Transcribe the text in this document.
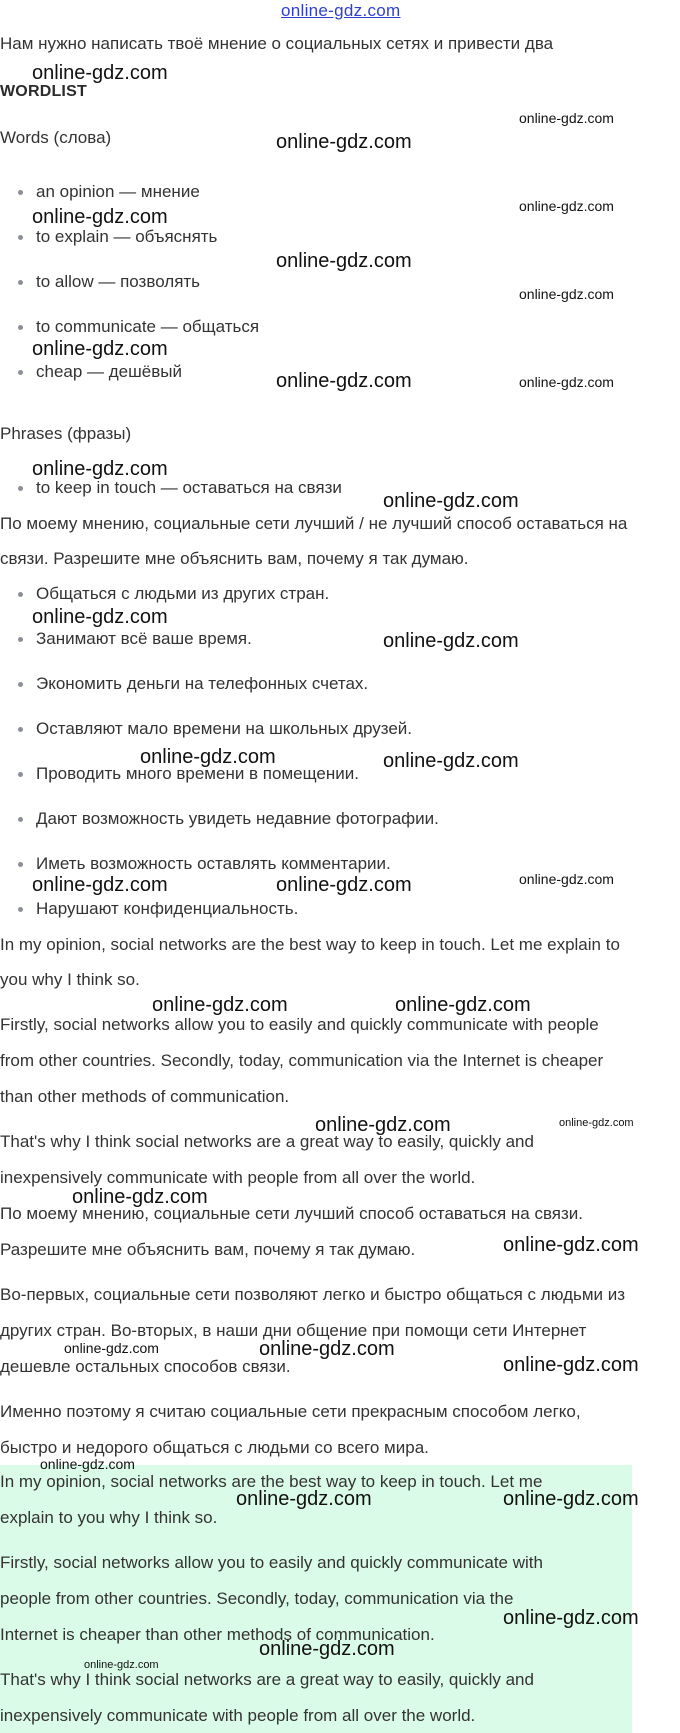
online-gdz.com
Нам нужно написать твоё мнение о социальных сетях и привести два
WORDLIST
Words (слова)
an opinion — мнение
to explain — объяснять
to allow — позволять
to communicate — общаться
cheap — дешёвый
Phrases (фразы)
to keep in touch — оставаться на связи
По моему мнению, социальные сети лучший / не лучший способ оставаться на
связи. Разрешите мне объяснить вам, почему я так думаю.
Общаться с людьми из других стран.
Занимают всё ваше время.
Экономить деньги на телефонных счетах.
Оставляют мало времени на школьных друзей.
Проводить много времени в помещении.
Дают возможность увидеть недавние фотографии.
Иметь возможность оставлять комментарии.
Нарушают конфиденциальность.
In my opinion, social networks are the best way to keep in touch. Let me explain to
you why I think so.
Firstly, social networks allow you to easily and quickly communicate with people
from other countries. Secondly, today, communication via the Internet is cheaper
than other methods of communication.
That's why I think social networks are a great way to easily, quickly and
inexpensively communicate with people from all over the world.
По моему мнению, социальные сети лучший способ оставаться на связи.
Разрешите мне объяснить вам, почему я так думаю.
Во-первых, социальные сети позволяют легко и быстро общаться с людьми из
других стран. Во-вторых, в наши дни общение при помощи сети Интернет
дешевле остальных способов связи.
Именно поэтому я считаю социальные сети прекрасным способом легко,
быстро и недорого общаться с людьми со всего мира.
In my opinion, social networks are the best way to keep in touch. Let me
explain to you why I think so.
Firstly, social networks allow you to easily and quickly communicate with
people from other countries. Secondly, today, communication via the
Internet is cheaper than other methods of communication.
That's why I think social networks are a great way to easily, quickly and
inexpensively communicate with people from all over the world.
online-gdz.com
online-gdz.com
online-gdz.com
online-gdz.com	online-gdz.com
online-gdz.com
online-gdz.com
online-gdz.com
online-gdz.com	online-gdz.com
online-gdz.com
online-gdz.com
online-gdz.com
online-gdz.com
online-gdz.com	online-gdz.com
online-gdz.com	online-gdz.com	online-gdz.com
online-gdz.com	online-gdz.com
online-gdz.com	online-gdz.com
online-gdz.com
online-gdz.com
online-gdz.com	online-gdz.com
online-gdz.com
online-gdz.com
online-gdz.com	online-gdz.com
online-gdz.com
online-gdz.com
online-gdz.com
